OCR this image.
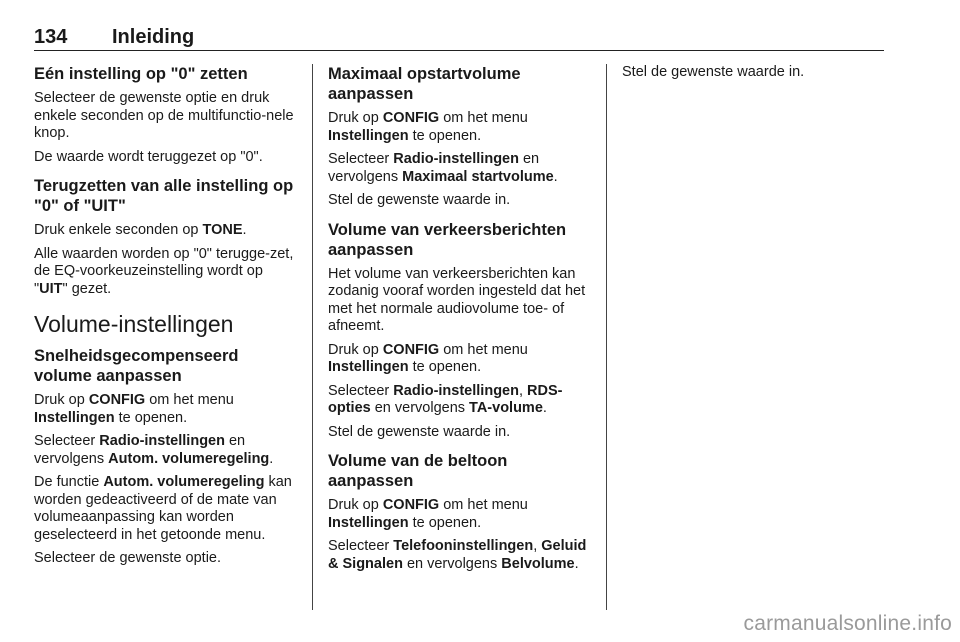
134 Inleiding
Eén instelling op "0" zetten

Selecteer de gewenste optie en druk enkele seconden op de multifunctio-nele knop.

De waarde wordt teruggezet op "0".

Terugzetten van alle instelling op "0" of "UIT"

Druk enkele seconden op TONE.

Alle waarden worden op "0" terugge-zet, de EQ-voorkeuzeinstelling wordt op "UIT" gezet.

Volume-instellingen
Snelheidsgecompenseerd volume aanpassen

Druk op CONFIG om het menu Instellingen te openen.

Selecteer Radio-instellingen en vervolgens Autom. volumeregeling.

De functie Autom. volumeregeling kan worden gedeactiveerd of de mate van volumeaanpassing kan worden geselecteerd in het getoonde menu.

Selecteer de gewenste optie.

Maximaal opstartvolume aanpassen

Druk op CONFIG om het menu Instellingen te openen.

Selecteer Radio-instellingen en vervolgens Maximaal startvolume.

Stel de gewenste waarde in.

Volume van verkeersberichten aanpassen

Het volume van verkeersberichten kan zodanig vooraf worden ingesteld dat het met het normale audiovolume toe- of afneemt.

Druk op CONFIG om het menu Instellingen te openen.

Selecteer Radio-instellingen, RDS-opties en vervolgens TA-volume.

Stel de gewenste waarde in.

Volume van de beltoon aanpassen

Druk op CONFIG om het menu Instellingen te openen.

Selecteer Telefooninstellingen, Geluid & Signalen en vervolgens Belvolume.

Stel de gewenste waarde in.

carmanualsonline.info
